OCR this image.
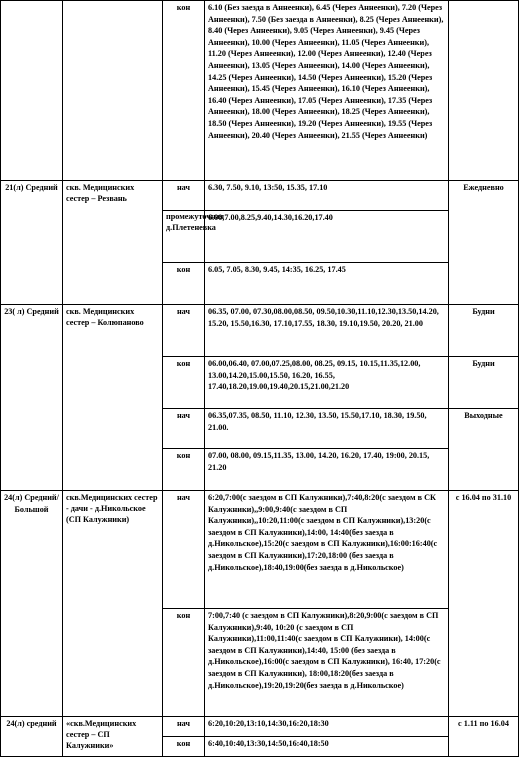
		кон	6.10 (Без заезда в Аннеенки), 6.45 (Через Аннеенки), 7.20 (Через Аннеенки), 7.50 (Без заезда в Аннеенки), 8.25 (Через Аннеенки), 8.40 (Через Аннеенки), 9.05 (Через Аннеенки), 9.45 (Через Аннеенки), 10.00 (Через Аннеенки), 11.05 (Через Аннеенки), 11.20 (Через Аннеенки), 12.00 (Через Аннеенки), 12.40 (Через Аннеенки), 13.05 (Через Аннеенки), 14.00 (Через Аннеенки), 14.25 (Через Аннеенки), 14.50 (Через Аннеенки), 15.20 (Через Аннеенки), 15.45 (Через Аннеенки), 16.10 (Через Аннеенки), 16.40 (Через Аннеенки), 17.05 (Через Аннеенки), 17.35 (Через Аннеенки), 18.00 (Через Аннеенки), 18.25 (Через Аннеенки), 18.50 (Через Аннеенки), 19.20 (Через Аннеенки), 19.55 (Через Аннеенки), 20.40 (Через Аннеенки), 21.55 (Через Аннеенки)	
21(л) Средний	скв. Медицинских сестер – Резвань	нач	6.30, 7.50, 9.10, 13:50, 15.35, 17.10	Ежедневно
		промежуточная д.Плетеневка	6.00,7.00,8.25,9.40,14.30,16.20,17.40	
		кон	6.05, 7.05, 8.30, 9.45, 14:35, 16.25, 17.45	
23( л) Средний	скв. Медицинских сестер – Колюпаново	нач	06.35, 07.00, 07.30,08.00,08.50, 09.50,10.30,11.10,12.30,13.50,14.20, 15.20, 15.50,16.30, 17.10,17.55, 18.30, 19.10,19.50, 20.20, 21.00	Будни
		кон	06.00,06.40, 07.00,07.25,08.00, 08.25, 09.15, 10.15,11.35,12.00, 13.00,14.20,15.00,15.50, 16.20, 16.55, 17.40,18.20,19.00,19.40,20.15,21.00,21.20	Будни
		нач	06.35,07.35, 08.50, 11.10, 12.30, 13.50, 15.50,17.10, 18.30, 19.50, 21.00.	Выходные
		кон	07.00, 08.00, 09.15,11.35, 13.00, 14.20, 16.20, 17.40, 19:00, 20.15, 21.20	
24(л) Средний/ Большой	скв.Медицинских сестер - дачи - д.Никольское (СП Калужники)	нач	6:20,7:00(с заездом в СП Калужники),7:40,8:20(с заездом в СК Калужники),,9:00,9:40(с заездом в СП Калужники),,10:20,11:00(с заездом в СП Калужники),13:20(с заездом в СП Калужники),14:00, 14:40(без заезда в д.Никольское),15:20(с заездом в СП Калужники),16:00:16:40(с заездом в СП Калужники),17:20,18:00 (без заезда в д.Никольское),18:40,19:00(без заезда в д.Никольское)	с 16.04 по 31.10
		кон	7:00,7:40 (с заездом в СП Калужники),8:20,9:00(с заездом в СП Калужники),9:40, 10:20 (с заездом в СП Калужники),11:00,11:40(с заездом в СП Калужники), 14:00(с заездом в СП Калужники),14:40, 15:00 (без заезда в д.Никольское),16:00(с заездом в СП Калужники), 16:40, 17:20(с заездом в СП Калужники), 18:00,18:20(без заезда в д.Никольское),19:20,19:20(без заезда в д.Никольское)	
24(л) средний	«скв.Медицинских сестер – СП Калужники»	нач	6:20,10:20,13:10,14:30,16:20,18:30	с 1.11 по 16.04
		кон	6:40,10:40,13:30,14:50,16:40,18:50	
